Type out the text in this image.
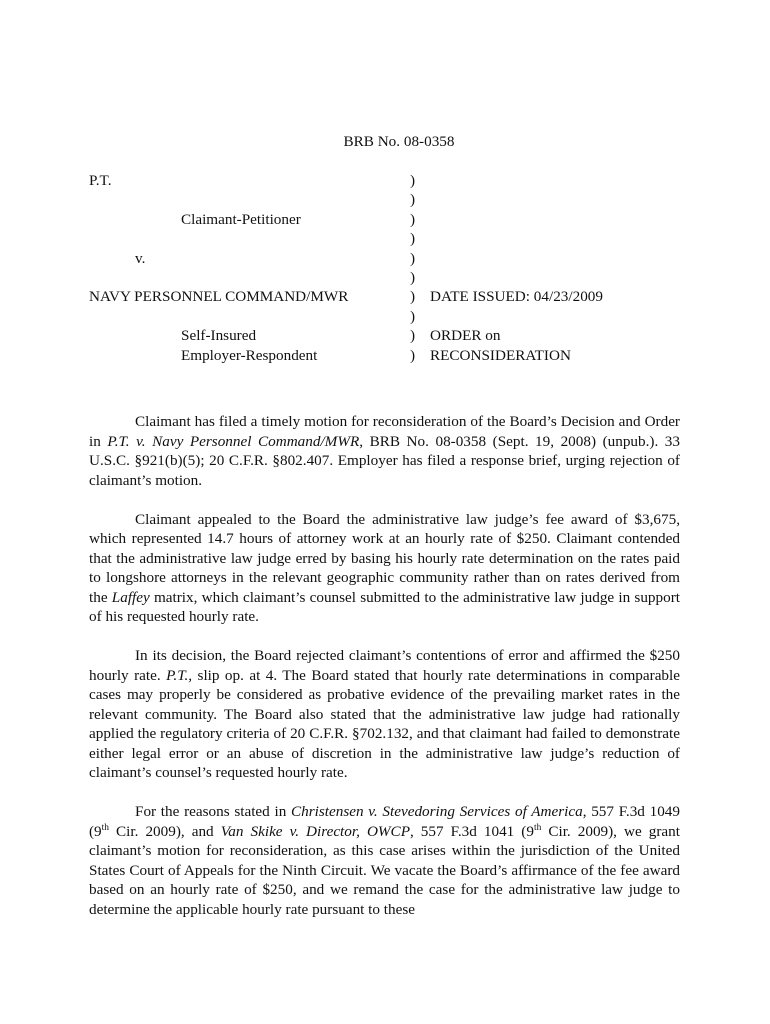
BRB No. 08-0358
P.T.	)
)
Claimant-Petitioner	)
)
v.	)
)
NAVY PERSONNEL COMMAND/MWR	) DATE ISSUED: 04/23/2009
)
Self-Insured	) ORDER on
Employer-Respondent	) RECONSIDERATION

Claimant has filed a timely motion for reconsideration of the Board’s Decision and Order in P.T. v. Navy Personnel Command/MWR, BRB No. 08-0358 (Sept. 19, 2008) (unpub.). 33 U.S.C. §921(b)(5); 20 C.F.R. §802.407. Employer has filed a response brief, urging rejection of claimant’s motion.

Claimant appealed to the Board the administrative law judge’s fee award of $3,675, which represented 14.7 hours of attorney work at an hourly rate of $250. Claimant contended that the administrative law judge erred by basing his hourly rate determination on the rates paid to longshore attorneys in the relevant geographic community rather than on rates derived from the Laffey matrix, which claimant’s counsel submitted to the administrative law judge in support of his requested hourly rate.

In its decision, the Board rejected claimant’s contentions of error and affirmed the $250 hourly rate. P.T., slip op. at 4. The Board stated that hourly rate determinations in comparable cases may properly be considered as probative evidence of the prevailing market rates in the relevant community. The Board also stated that the administrative law judge had rationally applied the regulatory criteria of 20 C.F.R. §702.132, and that claimant had failed to demonstrate either legal error or an abuse of discretion in the administrative law judge’s reduction of claimant’s counsel’s requested hourly rate.

For the reasons stated in Christensen v. Stevedoring Services of America, 557 F.3d 1049 (9th Cir. 2009), and Van Skike v. Director, OWCP, 557 F.3d 1041 (9th Cir. 2009), we grant claimant’s motion for reconsideration, as this case arises within the jurisdiction of the United States Court of Appeals for the Ninth Circuit. We vacate the Board’s affirmance of the fee award based on an hourly rate of $250, and we remand the case for the administrative law judge to determine the applicable hourly rate pursuant to these
